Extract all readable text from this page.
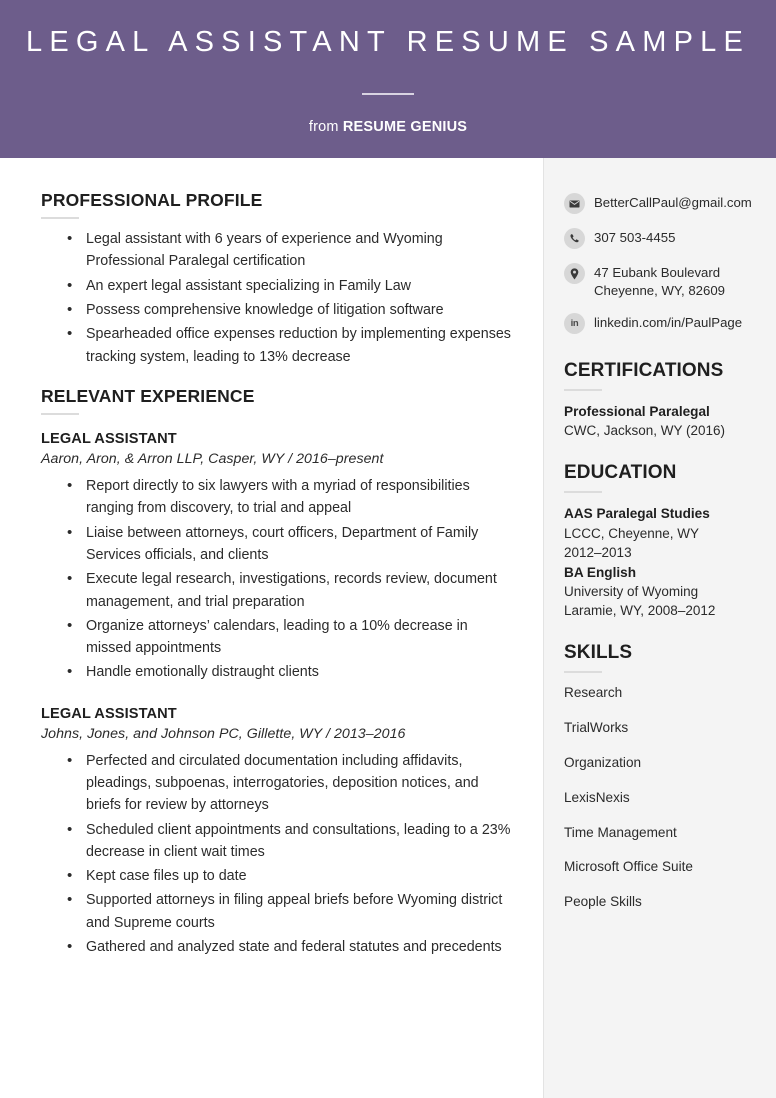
LEGAL ASSISTANT RESUME SAMPLE
from RESUME GENIUS
PROFESSIONAL PROFILE
• Legal assistant with 6 years of experience and Wyoming Professional Paralegal certification
• An expert legal assistant specializing in Family Law
• Possess comprehensive knowledge of litigation software
• Spearheaded office expenses reduction by implementing expenses tracking system, leading to 13% decrease
RELEVANT EXPERIENCE
LEGAL ASSISTANT
Aaron, Aron, & Arron LLP, Casper, WY / 2016–present
• Report directly to six lawyers with a myriad of responsibilities ranging from discovery, to trial and appeal
• Liaise between attorneys, court officers, Department of Family Services officials, and clients
• Execute legal research, investigations, records review, document management, and trial preparation
• Organize attorneys’ calendars, leading to a 10% decrease in missed appointments
• Handle emotionally distraught clients
LEGAL ASSISTANT
Johns, Jones, and Johnson PC, Gillette, WY / 2013–2016
• Perfected and circulated documentation including affidavits, pleadings, subpoenas, interrogatories, deposition notices, and briefs for review by attorneys
• Scheduled client appointments and consultations, leading to a 23% decrease in client wait times
• Kept case files up to date
• Supported attorneys in filing appeal briefs before Wyoming district and Supreme courts
• Gathered and analyzed state and federal statutes and precedents
BetterCallPaul@gmail.com
307 503-4455
47 Eubank Boulevard
Cheyenne, WY, 82609
in linkedin.com/in/PaulPage
CERTIFICATIONS
Professional Paralegal
CWC, Jackson, WY (2016)
EDUCATION
AAS Paralegal Studies
LCCC, Cheyenne, WY
2012–2013
BA English
University of Wyoming
Laramie, WY, 2008–2012
SKILLS
Research
TrialWorks
Organization
LexisNexis
Time Management
Microsoft Office Suite
People Skills
